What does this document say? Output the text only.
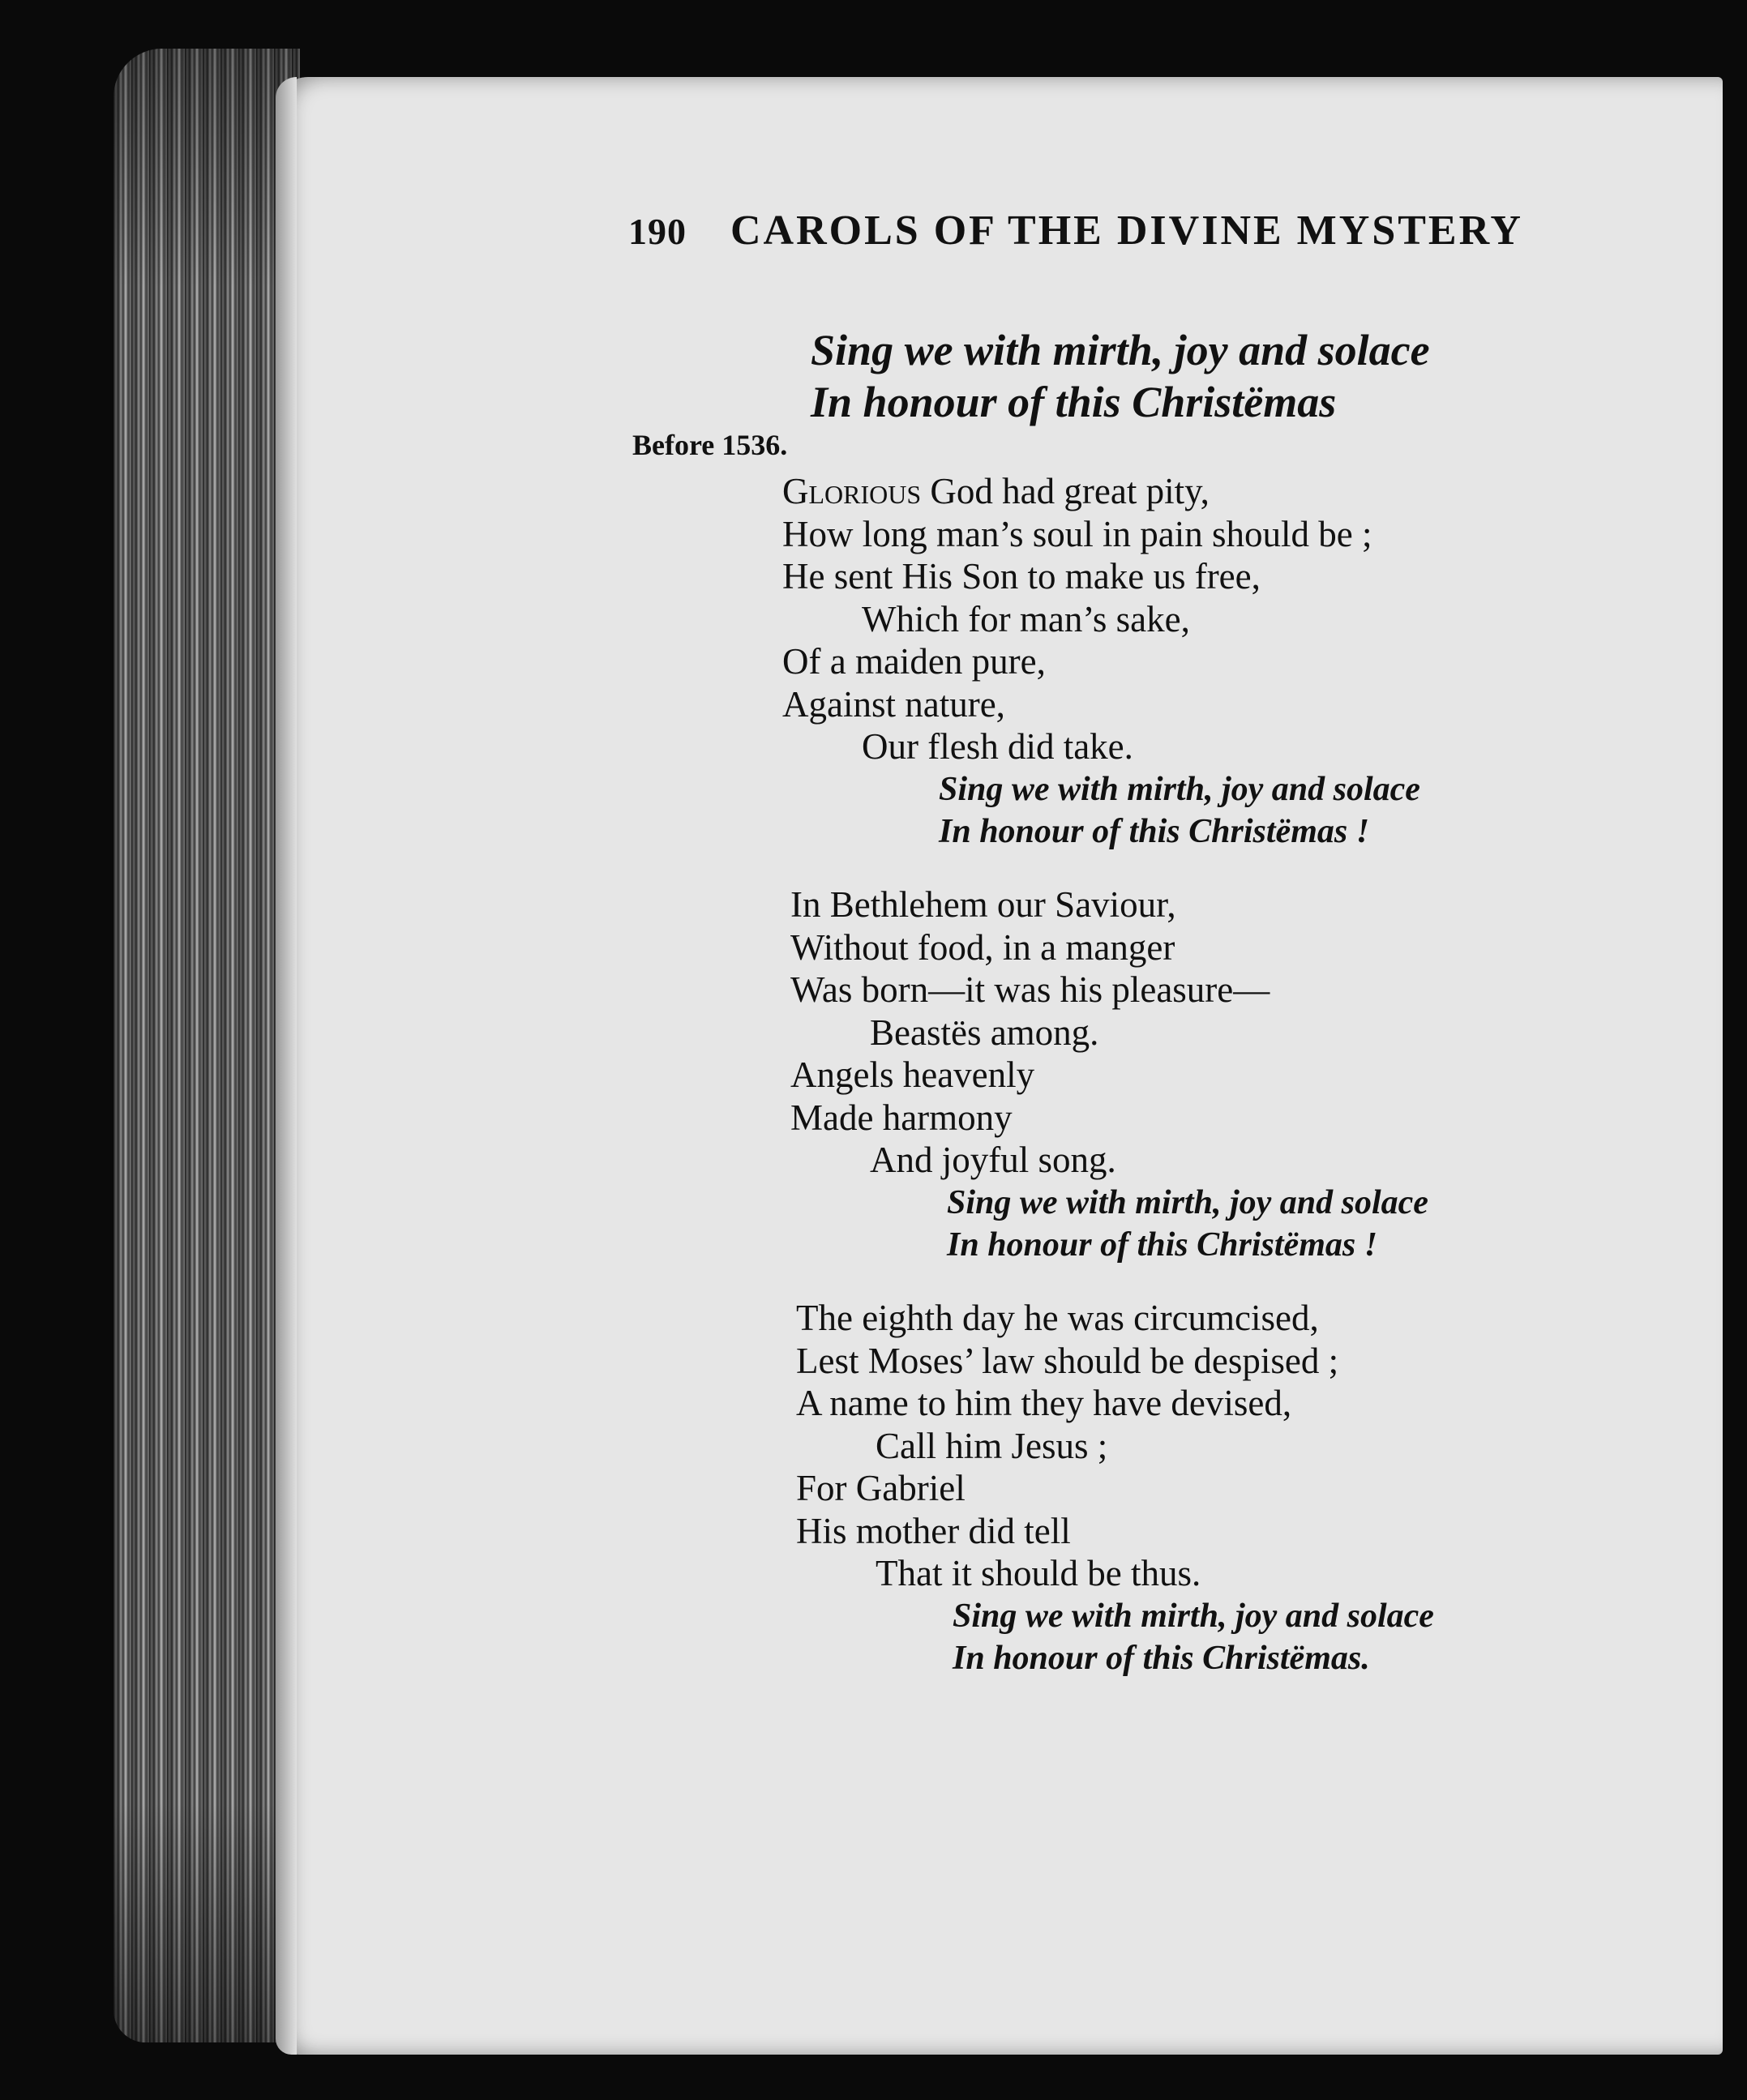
190 CAROLS OF THE DIVINE MYSTERY
Sing we with mirth, joy and solace
In honour of this Christëmas
Before 1536.
Glorious God had great pity,
How long man’s soul in pain should be ;
He sent His Son to make us free,
Which for man’s sake,
Of a maiden pure,
Against nature,
Our flesh did take.
Sing we with mirth, joy and solace
In honour of this Christëmas !
In Bethlehem our Saviour,
Without food, in a manger
Was born—it was his pleasure—
Beastës among.
Angels heavenly
Made harmony
And joyful song.
Sing we with mirth, joy and solace
In honour of this Christëmas !
The eighth day he was circumcised,
Lest Moses’ law should be despised ;
A name to him they have devised,
Call him Jesus ;
For Gabriel
His mother did tell
That it should be thus.
Sing we with mirth, joy and solace
In honour of this Christëmas.
